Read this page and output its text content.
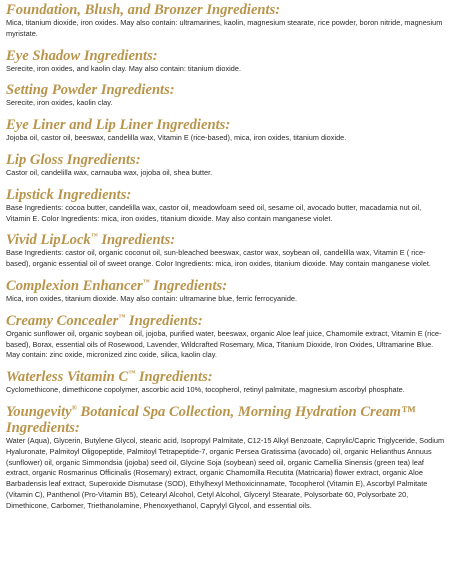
Foundation, Blush, and Bronzer Ingredients:

Mica, titanium dioxide, iron oxides. May also contain: ultramarines, kaolin, magnesium stearate, rice powder, boron nitride, magnesium myristate.

Eye Shadow Ingredients:

Serecite, iron oxides, and kaolin clay. May also contain: titanium dioxide.

Setting Powder Ingredients:

Serecite, iron oxides, kaolin clay.

Eye Liner and Lip Liner Ingredients:

Jojoba oil, castor oil, beeswax, candelilla wax, Vitamin E (rice-based), mica, iron oxides, titanium dioxide.

Lip Gloss Ingredients:

Castor oil, candelilla wax, carnauba wax, jojoba oil, shea butter.

Lipstick Ingredients:

Base Ingredients: cocoa butter, candelilla wax, castor oil, meadowfoam seed oil, sesame oil, avocado butter, macadamia nut oil, Vitamin E. Color Ingredients: mica, iron oxides, titanium dioxide. May also contain manganese violet.

Vivid LipLock™ Ingredients:

Base Ingredients: castor oil, organic coconut oil, sun-bleached beeswax, castor wax, soybean oil, candelilla wax, Vitamin E ( rice-based), organic essential oil of sweet orange. Color Ingredients: mica, iron oxides, titanium dioxide. May contain manganese violet.

Complexion Enhancer™ Ingredients:

Mica, iron oxides, titanium dioxide. May also contain: ultramarine blue, ferric ferrocyanide.

Creamy Concealer™ Ingredients:

Organic sunflower oil, organic soybean oil, jojoba, purified water, beeswax, organic Aloe leaf juice, Chamomile extract, Vitamin E (rice-based), Borax, essential oils of Rosewood, Lavender, Wildcrafted Rosemary, Mica, Titanium Dioxide, Iron Oxides, Ultramarine Blue. May contain: zinc oxide, micronized zinc oxide, silica, kaolin clay.

Waterless Vitamin C™ Ingredients:

Cyclomethicone, dimethicone copolymer, ascorbic acid 10%, tocopherol, retinyl palmitate, magnesium ascorbyl phosphate.

Youngevity® Botanical Spa Collection, Morning Hydration Cream™ Ingredients:

Water (Aqua), Glycerin, Butylene Glycol, stearic acid, Isopropyl Palmitate, C12-15 Alkyl Benzoate, Caprylic/Capric Triglyceride, Sodium Hyaluronate, Palmitoyl Oligopeptide, Palmitoyl Tetrapeptide-7, organic Persea Gratissima (avocado) oil, organic Helianthus Annuus (sunflower) oil, organic Simmondsia (jojoba) seed oil, Glycine Soja (soybean) seed oil, organic Camellia Sinensis (green tea) leaf extract, organic Rosmarinus Officinalis (Rosemary) extract, organic Chamomilla Recutita (Matricaria) flower extract, organic Aloe Barbadensis leaf extract, Superoxide Dismutase (SOD), Ethylhexyl Methoxicinnamate, Tocopherol (Vitamin E), Ascorbyl Palmitate (Vitamin C), Panthenol (Pro-Vitamin B5), Cetearyl Alcohol, Cetyl Alcohol, Glyceryl Stearate, Polysorbate 60, Polysorbate 20, Dimethicone, Carbomer, Triethanolamine, Phenoxyethanol, Caprylyl Glycol, and essential oils.
